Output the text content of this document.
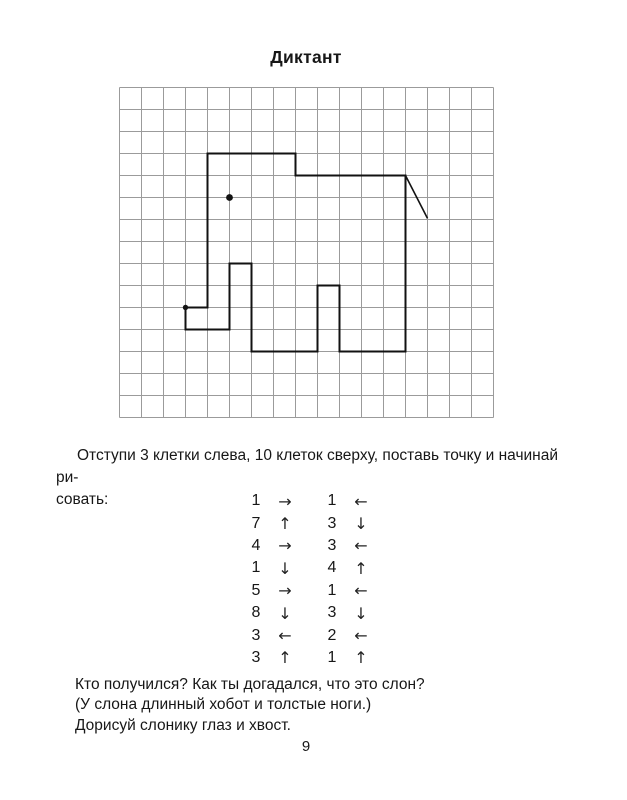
Диктант
Отступи 3 клетки слева, 10 клеток сверху, поставь точку и начинай ри-
совать:	1	→	1	←
7	↑	3	↓
4	→	3	←
1	↓	4	↑
5	→	1	←
8	↓	3	↓
3	←	2	←
3	↑	1	↑
Кто получился? Как ты догадался, что это слон?
(У слона длинный хобот и толстые ноги.)
Дорисуй слонику глаз и хвост.
9
